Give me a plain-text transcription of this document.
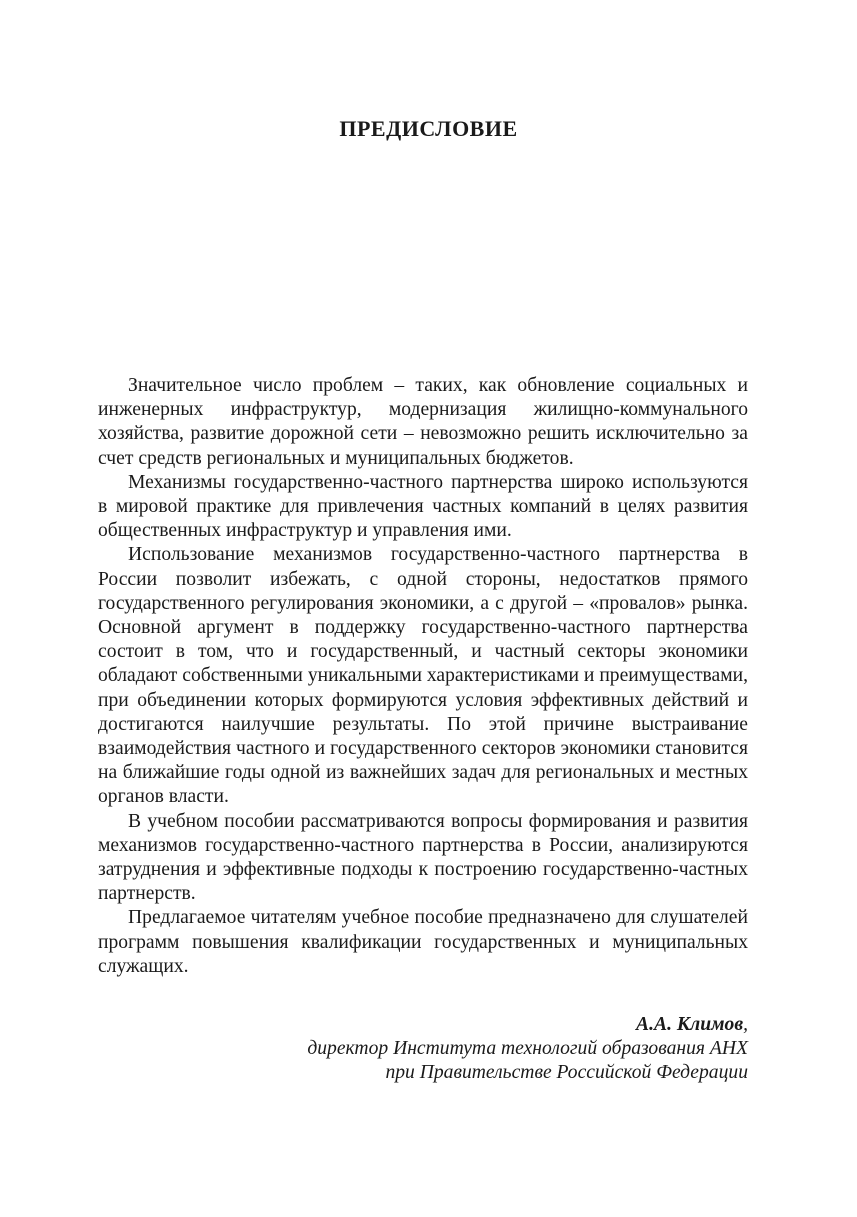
ПРЕДИСЛОВИЕ

Значительное число проблем – таких, как обновление социальных и инженерных инфраструктур, модернизация жилищно-коммунального хозяйства, развитие дорожной сети – невозможно решить исключительно за счет средств региональных и муниципальных бюджетов.

Механизмы государственно-частного партнерства широко используются в мировой практике для привлечения частных компаний в целях развития общественных инфраструктур и управления ими.

Использование механизмов государственно-частного партнерства в России позволит избежать, с одной стороны, недостатков прямого государственного регулирования экономики, а с другой – «провалов» рынка. Основной аргумент в поддержку государственно-частного партнерства состоит в том, что и государственный, и частный секторы экономики обладают собственными уникальными характеристиками и преимуществами, при объединении которых формируются условия эффективных действий и достигаются наилучшие результаты. По этой причине выстраивание взаимодействия частного и государственного секторов экономики становится на ближайшие годы одной из важнейших задач для региональных и местных органов власти.

В учебном пособии рассматриваются вопросы формирования и развития механизмов государственно-частного партнерства в России, анализируются затруднения и эффективные подходы к построению государственно-частных партнерств.

Предлагаемое читателям учебное пособие предназначено для слушателей программ повышения квалификации государственных и муниципальных служащих.

А.А. Климов,
директор Института технологий образования АНХ
при Правительстве Российской Федерации
